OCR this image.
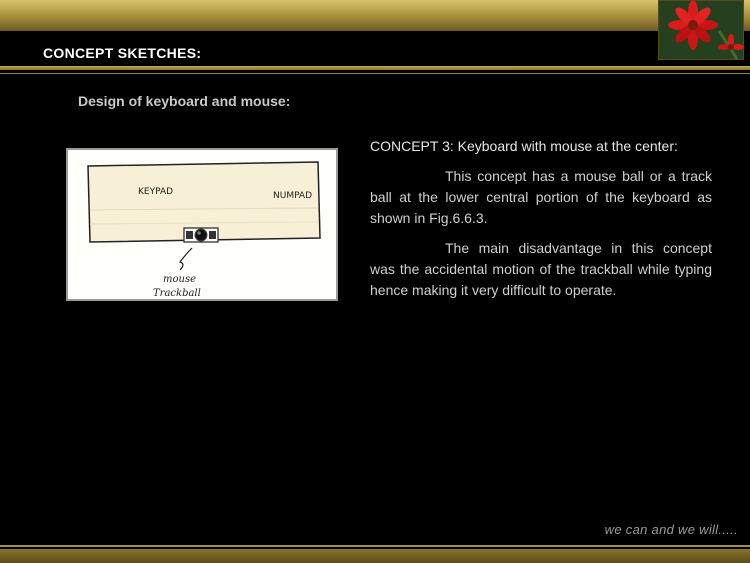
CONCEPT SKETCHES:
Design of keyboard and mouse:
KEYPAD	NUMPAD
mouse
Trackball
CONCEPT 3: Keyboard with mouse at the center:

This concept has a mouse ball or a track ball at the lower central portion of the keyboard as shown in Fig.6.6.3.

The main disadvantage in this concept was the accidental motion of the trackball while typing hence making it very difficult to operate.

we can and we will.....
